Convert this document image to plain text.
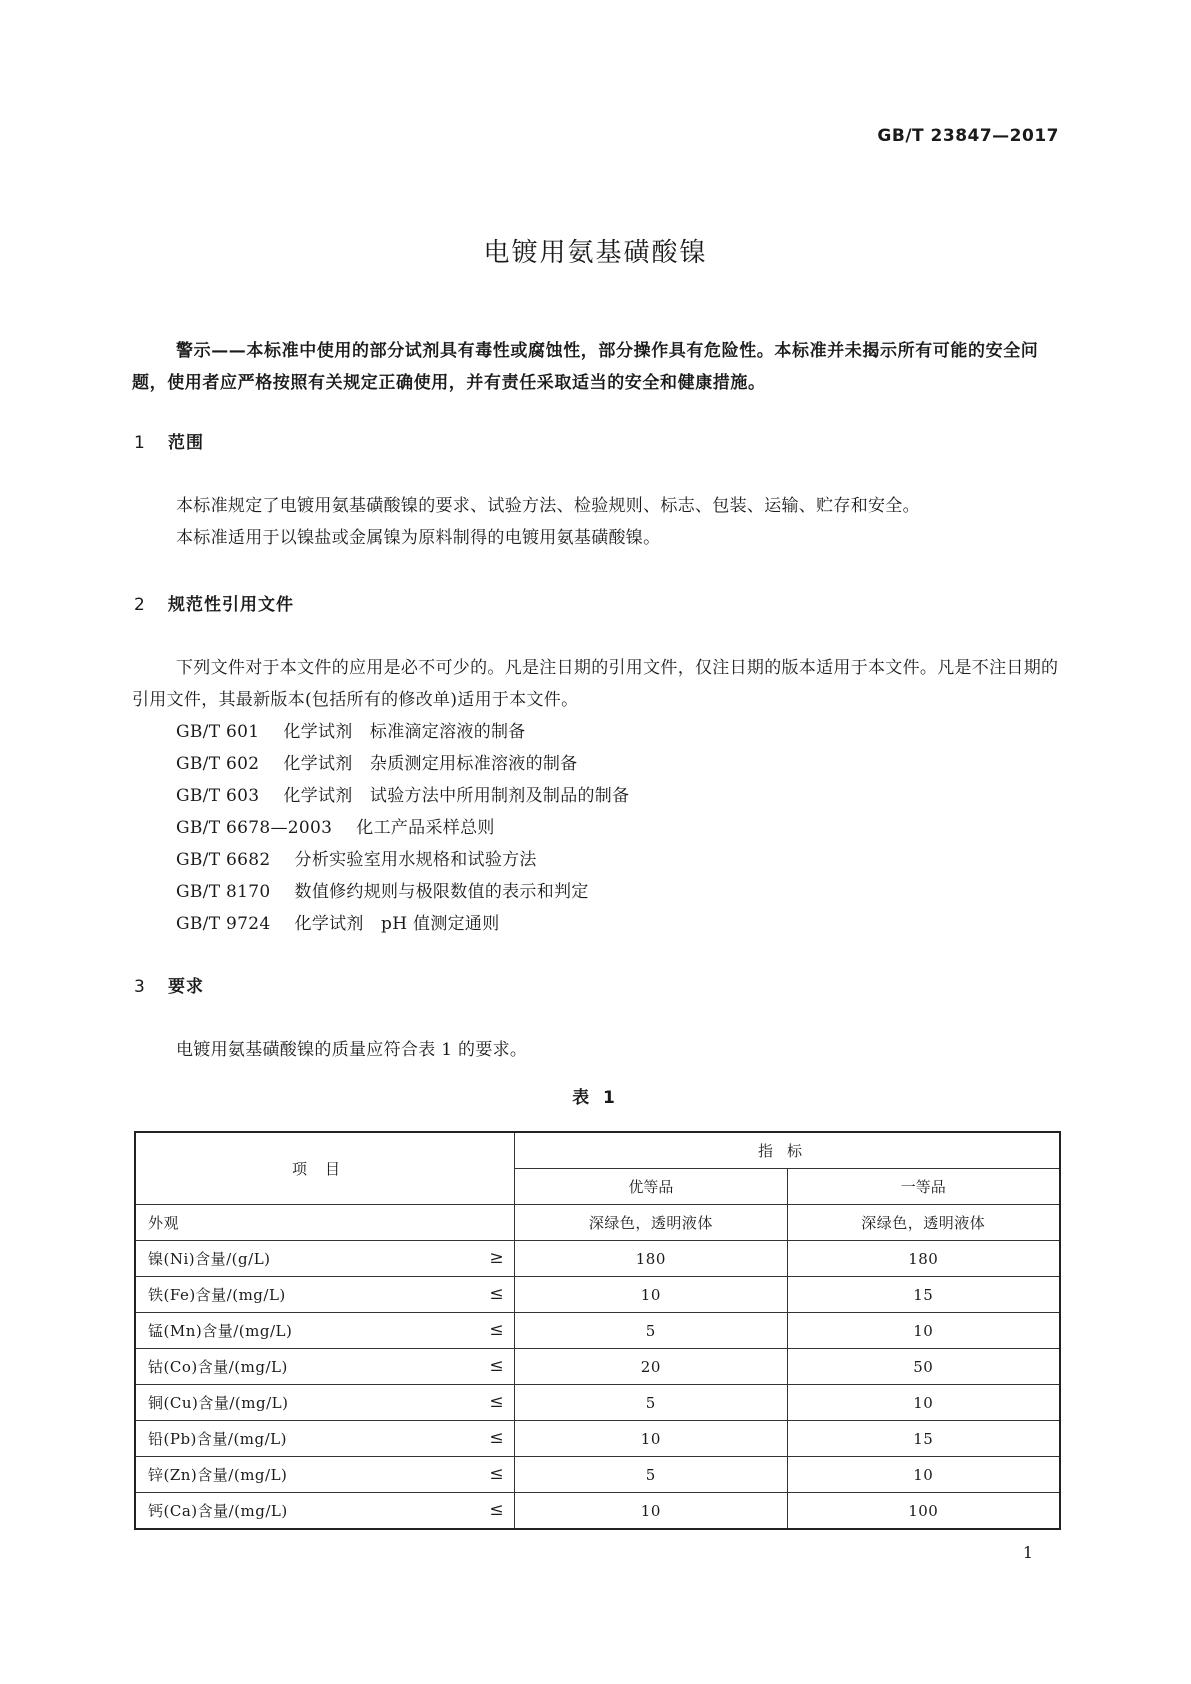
GB/T 23847—2017
电镀用氨基磺酸镍

警示——本标准中使用的部分试剂具有毒性或腐蚀性，部分操作具有危险性。本标准并未揭示所有可能的安全问题，使用者应严格按照有关规定正确使用，并有责任采取适当的安全和健康措施。

1 范围

本标准规定了电镀用氨基磺酸镍的要求、试验方法、检验规则、标志、包装、运输、贮存和安全。

本标准适用于以镍盐或金属镍为原料制得的电镀用氨基磺酸镍。

2 规范性引用文件

下列文件对于本文件的应用是必不可少的。凡是注日期的引用文件，仅注日期的版本适用于本文件。凡是不注日期的引用文件，其最新版本(包括所有的修改单)适用于本文件。

GB/T 601 化学试剂　标准滴定溶液的制备
GB/T 602 化学试剂　杂质测定用标准溶液的制备
GB/T 603 化学试剂　试验方法中所用制剂及制品的制备
GB/T 6678—2003 化工产品采样总则
GB/T 6682 分析实验室用水规格和试验方法
GB/T 8170 数值修约规则与极限数值的表示和判定
GB/T 9724 化学试剂　pH 值测定通则
3 要求

电镀用氨基磺酸镍的质量应符合表 1 的要求。

表 1
项目	指标	
	优等品	一等品
外观	深绿色，透明液体	深绿色，透明液体
镍(Ni)含量/(g/L) ≥	180	180
铁(Fe)含量/(mg/L) ≤	10	15
锰(Mn)含量/(mg/L) ≤	5	10
钴(Co)含量/(mg/L) ≤	20	50
铜(Cu)含量/(mg/L) ≤	5	10
铅(Pb)含量/(mg/L) ≤	10	15
锌(Zn)含量/(mg/L) ≤	5	10
钙(Ca)含量/(mg/L) ≤	10	100
1
